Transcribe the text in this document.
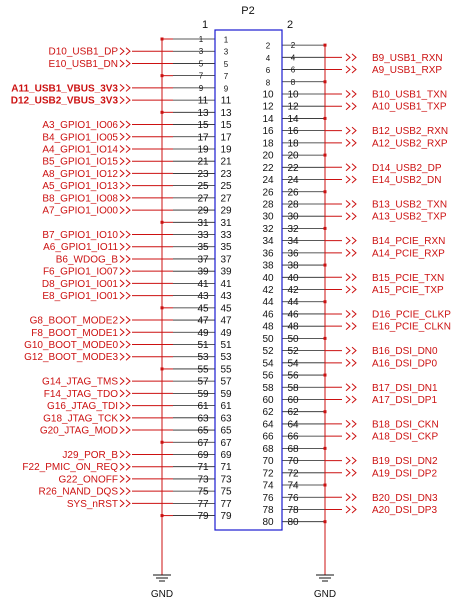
P2
1	2
1	1
2
2
3	3
4
4
5	5
6
6
7	7
8
8
9	9
10
10
11 11
12
12
13 13
14
14
15 15
16
16
17 17
18
18
19 19
20
20
21 21
22
22
23 23
24
24
25 25
26
26
27 27
28
28
29 29
30
30
31 31
32
32
33 33
34
34
35 35
36
36
37 37
38
38
39 39
40
40
41 41
42
42
43 43
44
44
45 45
46
46
47 47
48
48
49 49
50
50
51 51
52
52
53 53
54
54
55 55
56
56
57 57
58
58
59 59
60
60
61 61
62
62
63 63
64
64
65 65
66
66
67 67
68
68
69 69
70
70
71 71
72
72
73 73
74
74
75 75
76
76
77 77
78
78
79 79
80
80
GND	GND
D10_USB1_DP
E10_USB1_DN
A11_USB1_VBUS_3V3
D12_USB2_VBUS_3V3
A3_GPIO1_IO06
B4_GPIO1_IO05
A4_GPIO1_IO14
B5_GPIO1_IO15
A8_GPIO1_IO12
A5_GPIO1_IO13
B8_GPIO1_IO08
A7_GPIO1_IO00
B7_GPIO1_IO10
A6_GPIO1_IO11
B6_WDOG_B
F6_GPIO1_IO07
D8_GPIO1_IO01
E8_GPIO1_IO01
G8_BOOT_MODE2
F8_BOOT_MODE1
G10_BOOT_MODE0
G12_BOOT_MODE3
G14_JTAG_TMS
F14_JTAG_TDO
G16_JTAG_TDI
G18_JTAG_TCK
G20_JTAG_MOD
J29_POR_B
F22_PMIC_ON_REQ
G22_ONOFF
R26_NAND_DQS
SYS_nRST
B9_USB1_RXN
A9_USB1_RXP
B10_USB1_TXN
A10_USB1_TXP
B12_USB2_RXN
A12_USB2_RXP
D14_USB2_DP
E14_USB2_DN
B13_USB2_TXN
A13_USB2_TXP
B14_PCIE_RXN
A14_PCIE_RXP
B15_PCIE_TXN
A15_PCIE_TXP
D16_PCIE_CLKP
E16_PCIE_CLKN
B16_DSI_DN0
A16_DSI_DP0
B17_DSI_DN1
A17_DSI_DP1
B18_DSI_CKN
A18_DSI_CKP
B19_DSI_DN2
A19_DSI_DP2
B20_DSI_DN3
A20_DSI_DP3
